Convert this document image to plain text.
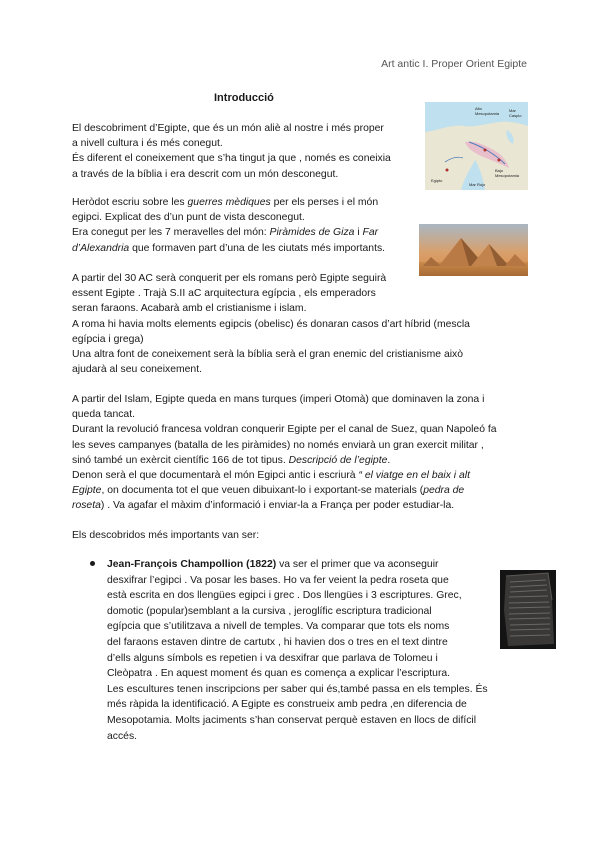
Art antic I. Proper Orient Egipte
Introducció
El descobriment d’Egipte, que és un món aliè al nostre i més proper
a nivell cultura i és més conegut.
És diferent el coneixement que s’ha tingut ja que , només es coneixia
a través de la bíblia i era descrit com un món desconegut.
Heròdot escriu sobre les guerres mèdiques per els perses i el món
egipci. Explicat des d’un punt de vista desconegut.
Era conegut per les 7 meravelles del món: Piràmides de Giza i Far
d’Alexandria que formaven part d’una de les ciutats més importants.
A partir del 30 AC serà conquerit per els romans però Egipte seguirà
essent Egipte . Trajà S.II aC arquitectura egípcia , els emperadors
seran faraons. Acabarà amb el cristianisme i islam.
A roma hi havia molts elements egipcis (obelisc) és donaran casos d’art híbrid (mescla
egípcia i grega)
Una altra font de coneixement serà la bíblia serà el gran enemic del cristianisme això
ajudarà al seu coneixement.
A partir del Islam, Egipte queda en mans turques (imperi Otomà) que dominaven la zona i
queda tancat.
Durant la revolució francesa voldran conquerir Egipte per el canal de Suez, quan Napoleó fa
les seves campanyes (batalla de les piràmides) no només enviarà un gran exercit militar ,
sinó també un exèrcit científic 166 de tot tipus. Descripció de l’egipte.
Denon serà el que documentarà el món Egipci antic i escriurà “ el viatge en el baix i alt
Egipte, on documenta tot el que veuen dibuixant-lo i exportant-se materials (pedra de
roseta) . Va agafar el màxim d’informació i enviar-la a França per poder estudiar-la.
Els descobridos més importants van ser:
Jean-François Champollion (1822) va ser el primer que va aconseguir
desxifrar l’egipci . Va posar les bases. Ho va fer veient la pedra roseta que
està escrita en dos llengües egipci i grec . Dos llengües i 3 escriptures. Grec,
domotic (popular)semblant a la cursiva , jeroglífic escriptura tradicional
egípcia que s’utilitzava a nivell de temples. Va comparar que tots els noms
del faraons estaven dintre de cartutx , hi havien dos o tres en el text dintre
d’ells alguns símbols es repetien i va desxifrar que parlava de Tolomeu i
Cleòpatra . En aquest moment és quan es comença a explicar l’escriptura.
Les escultures tenen inscripcions per saber qui és,també passa en els temples. És
més ràpida la identificació. A Egipte es construeix amb pedra ,en diferencia de
Mesopotamia. Molts jaciments s’han conservat perquè estaven en llocs de difícil
accés.
Alto Mesopotamia
Mar Caspio
Bajo Mesopotamia
Egipto
Mar Rojo
